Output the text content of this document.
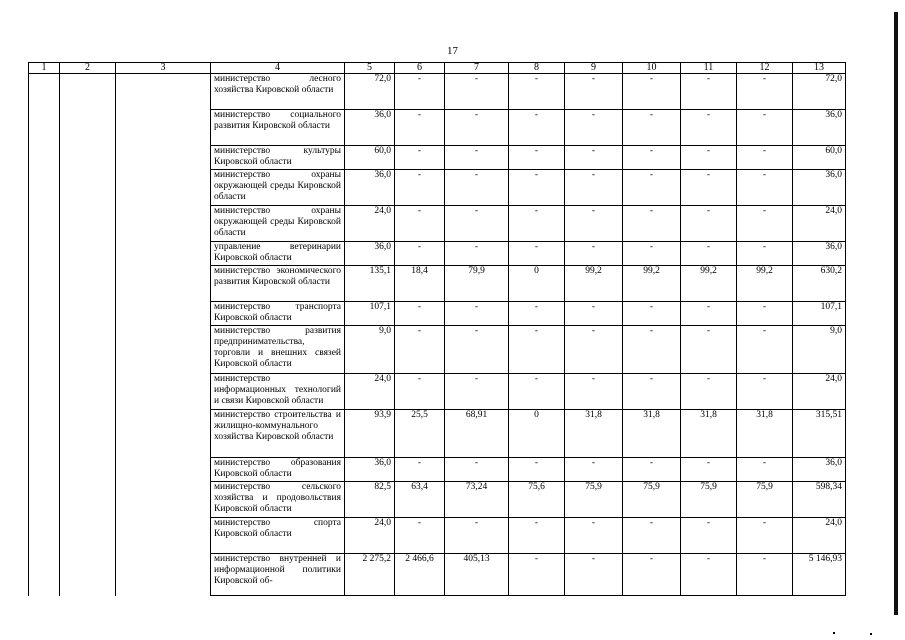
17
1	2	3	4	5	6	7	8	9	10	11	12	13
			министерство лесного хозяйства Кировской области	72,0	-	-	-	-	-	-	-	72,0
			министерство социального развития Кировской области	36,0	-	-	-	-	-	-	-	36,0
			министерство культуры Кировской области	60,0	-	-	-	-	-	-	-	60,0
			министерство охраны окружающей среды Кировской области	36,0	-	-	-	-	-	-	-	36,0
			министерство охраны окружающей среды Кировской области	24,0	-	-	-	-	-	-	-	24,0
			управление ветеринарии Кировской области	36,0	-	-	-	-	-	-	-	36,0
			министерство экономического развития Кировской области	135,1	18,4	79,9	0	99,2	99,2	99,2	99,2	630,2
			министерство транспорта Кировской области	107,1	-	-	-	-	-	-	-	107,1
			министерство развития предпринимательства, торговли и внешних связей Кировской области	9,0	-	-	-	-	-	-	-	9,0
			министерство информационных технологий и связи Кировской области	24,0	-	-	-	-	-	-	-	24,0
			министерство строительства и жилищно-коммунального хозяйства Кировской области	93,9	25,5	68,91	0	31,8	31,8	31,8	31,8	315,51
			министерство образования Кировской области	36,0	-	-	-	-	-	-	-	36,0
			министерство сельского хозяйства и продовольствия Кировской области	82,5	63,4	73,24	75,6	75,9	75,9	75,9	75,9	598,34
			министерство спорта Кировской области	24,0	-	-	-	-	-	-	-	24,0
			министерство внутренней и информационной политики Кировской об-	2 275,2	2 466,6	405,13	-	-	-	-	-	5 146,93
